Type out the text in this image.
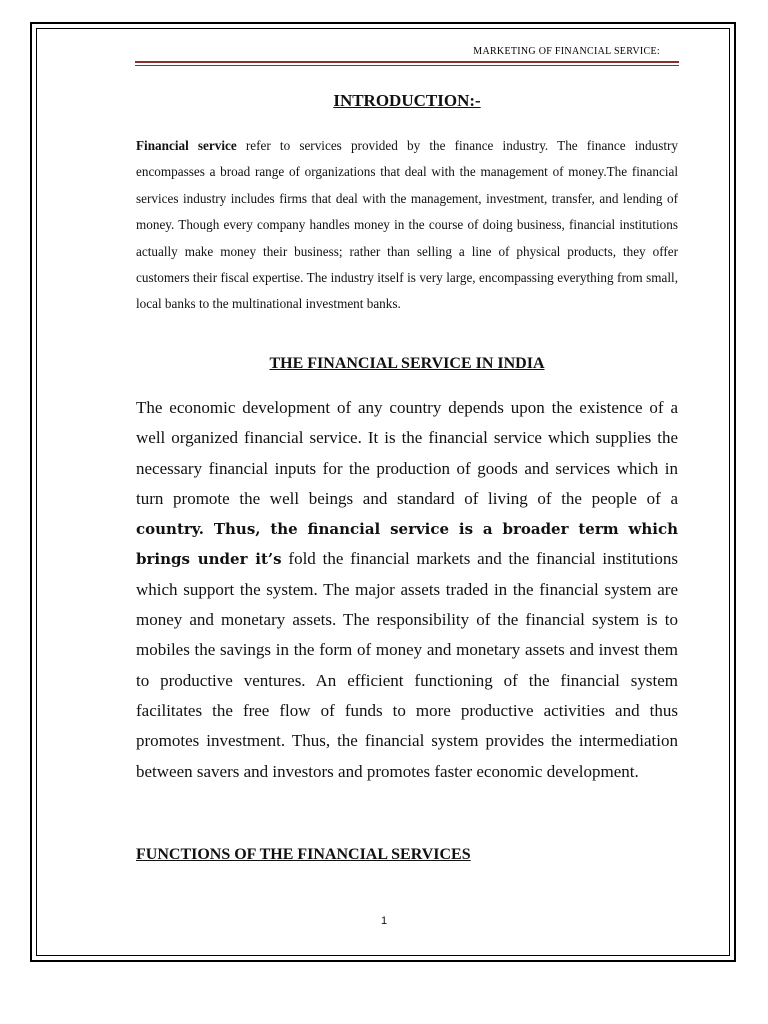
MARKETING OF FINANCIAL SERVICE:
INTRODUCTION:-

Financial service refer to services provided by the finance industry. The finance industry encompasses a broad range of organizations that deal with the management of money.The financial services industry includes firms that deal with the management, investment, transfer, and lending of money. Though every company handles money in the course of doing business, financial institutions actually make money their business; rather than selling a line of physical products, they offer customers their fiscal expertise. The industry itself is very large, encompassing everything from small, local banks to the multinational investment banks.

THE FINANCIAL SERVICE IN INDIA

The economic development of any country depends upon the existence of a well organized financial service. It is the financial service which supplies the necessary financial inputs for the production of goods and services which in turn promote the well beings and standard of living of the people of a country. Thus, the financial service is a broader term which brings under it’s fold the financial markets and the financial institutions which support the system. The major assets traded in the financial system are money and monetary assets. The responsibility of the financial system is to mobiles the savings in the form of money and monetary assets and invest them to productive ventures. An efficient functioning of the financial system facilitates the free flow of funds to more productive activities and thus promotes investment. Thus, the financial system provides the intermediation between savers and investors and promotes faster economic development.

FUNCTIONS OF THE FINANCIAL SERVICES
1
